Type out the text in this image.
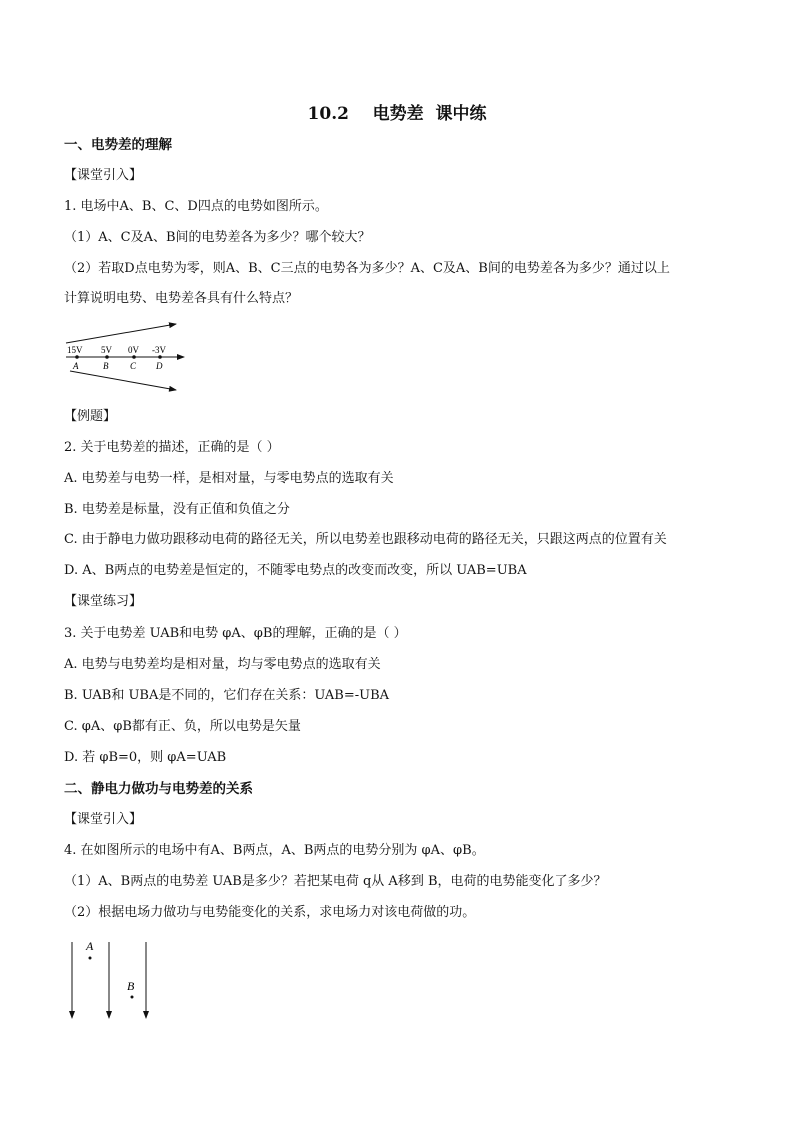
10.2    电势差  课中练
一、电势差的理解
【课堂引入】
1. 电场中A、B、C、D四点的电势如图所示。
（1）A、C及A、B间的电势差各为多少？哪个较大？
（2）若取D点电势为零，则A、B、C三点的电势各为多少？A、C及A、B间的电势差各为多少？通过以上
计算说明电势、电势差各具有什么特点？
15V 5V 0V -3V
A	B C D
A
B
【例题】
2. 关于电势差的描述，正确的是（ ）
A. 电势差与电势一样，是相对量，与零电势点的选取有关
B. 电势差是标量，没有正值和负值之分
C. 由于静电力做功跟移动电荷的路径无关，所以电势差也跟移动电荷的路径无关，只跟这两点的位置有关
D. A、B两点的电势差是恒定的，不随零电势点的改变而改变，所以 UAB=UBA
【课堂练习】
3. 关于电势差 UAB和电势 φA、φB的理解，正确的是（ ）
A. 电势与电势差均是相对量，均与零电势点的选取有关
B. UAB和 UBA是不同的，它们存在关系：UAB=-UBA
C. φA、φB都有正、负，所以电势是矢量
D. 若 φB=0，则 φA=UAB
二、静电力做功与电势差的关系
【课堂引入】
4. 在如图所示的电场中有A、B两点，A、B两点的电势分别为 φA、φB。
（1）A、B两点的电势差 UAB是多少？若把某电荷 q从 A移到 B，电荷的电势能变化了多少？
（2）根据电场力做功与电势能变化的关系，求电场力对该电荷做的功。
